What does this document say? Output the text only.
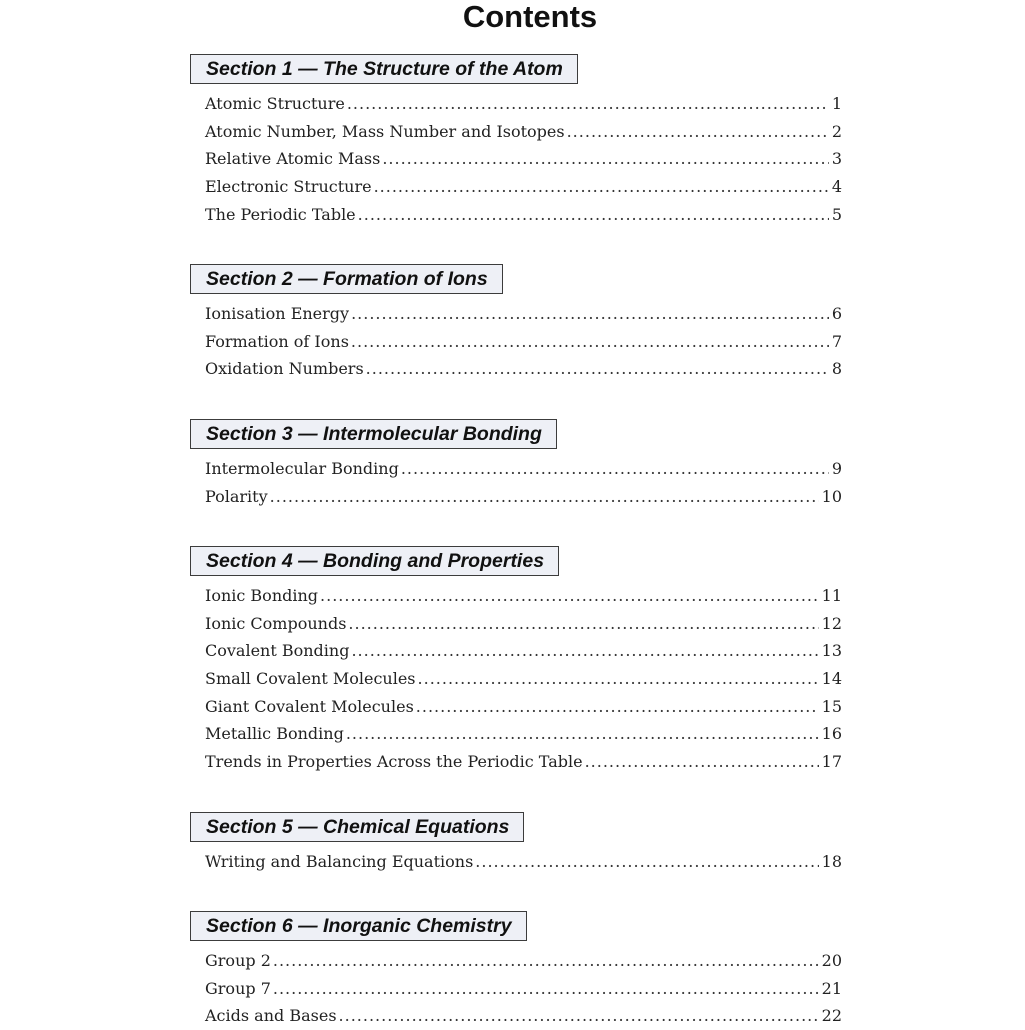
Contents
Section 1 — The Structure of the Atom
Atomic Structure .....	1
Atomic Number, Mass Number and Isotopes .....	2
Relative Atomic Mass .....	3
Electronic Structure .....	4
The Periodic Table .....	5
Section 2 — Formation of Ions
Ionisation Energy .....	6
Formation of Ions .....	7
Oxidation Numbers .....	8
Section 3 — Intermolecular Bonding
Intermolecular Bonding .....	9
Polarity .....	10
Section 4 — Bonding and Properties
Ionic Bonding .....	11
Ionic Compounds .....	12
Covalent Bonding .....	13
Small Covalent Molecules .....	14
Giant Covalent Molecules .....	15
Metallic Bonding .....	16
Trends in Properties Across the Periodic Table .....	17
Section 5 — Chemical Equations
Writing and Balancing Equations .....	18
Section 6 — Inorganic Chemistry
Group 2 .....	20
Group 7 .....	21
Acids and Bases .....	22
